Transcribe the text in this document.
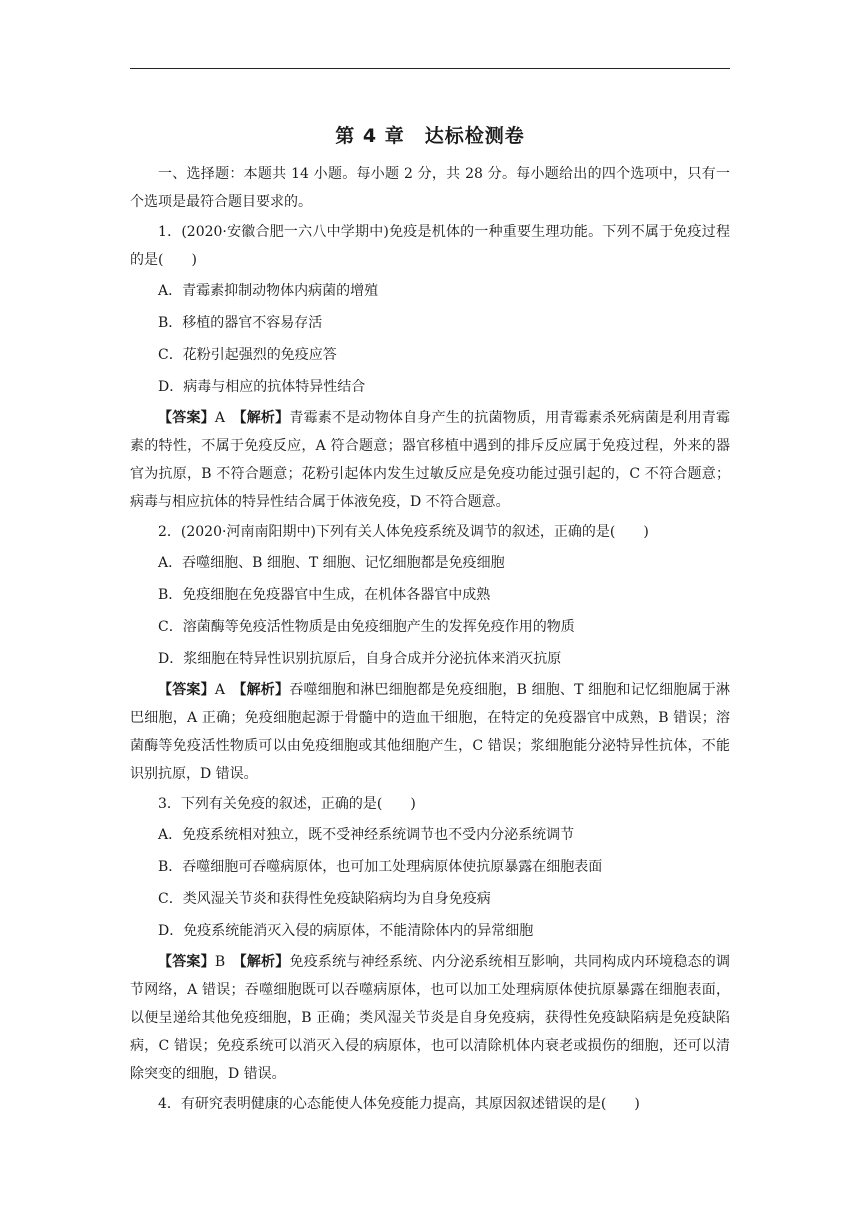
第 4 章　达标检测卷

一、选择题：本题共 14 小题。每小题 2 分，共 28 分。每小题给出的四个选项中，只有一个选项是最符合题目要求的。

1．(2020·安徽合肥一六八中学期中)免疫是机体的一种重要生理功能。下列不属于免疫过程的是(　　)

A．青霉素抑制动物体内病菌的增殖

B．移植的器官不容易存活

C．花粉引起强烈的免疫应答

D．病毒与相应的抗体特异性结合

【答案】A　 【解析】青霉素不是动物体自身产生的抗菌物质，用青霉素杀死病菌是利用青霉素的特性，不属于免疫反应，A 符合题意；器官移植中遇到的排斥反应属于免疫过程，外来的器官为抗原，B 不符合题意；花粉引起体内发生过敏反应是免疫功能过强引起的，C 不符合题意；病毒与相应抗体的特异性结合属于体液免疫，D 不符合题意。

2．(2020·河南南阳期中)下列有关人体免疫系统及调节的叙述，正确的是(　　)

A．吞噬细胞、B 细胞、T 细胞、记忆细胞都是免疫细胞

B．免疫细胞在免疫器官中生成，在机体各器官中成熟

C．溶菌酶等免疫活性物质是由免疫细胞产生的发挥免疫作用的物质

D．浆细胞在特异性识别抗原后，自身合成并分泌抗体来消灭抗原

【答案】A　 【解析】吞噬细胞和淋巴细胞都是免疫细胞，B 细胞、T 细胞和记忆细胞属于淋巴细胞，A 正确；免疫细胞起源于骨髓中的造血干细胞，在特定的免疫器官中成熟，B 错误；溶菌酶等免疫活性物质可以由免疫细胞或其他细胞产生，C 错误；浆细胞能分泌特异性抗体，不能识别抗原，D 错误。

3．下列有关免疫的叙述，正确的是(　　)

A．免疫系统相对独立，既不受神经系统调节也不受内分泌系统调节

B．吞噬细胞可吞噬病原体，也可加工处理病原体使抗原暴露在细胞表面

C．类风湿关节炎和获得性免疫缺陷病均为自身免疫病

D．免疫系统能消灭入侵的病原体，不能清除体内的异常细胞

【答案】B　 【解析】免疫系统与神经系统、内分泌系统相互影响，共同构成内环境稳态的调节网络，A 错误；吞噬细胞既可以吞噬病原体，也可以加工处理病原体使抗原暴露在细胞表面，以便呈递给其他免疫细胞，B 正确；类风湿关节炎是自身免疫病，获得性免疫缺陷病是免疫缺陷病，C 错误；免疫系统可以消灭入侵的病原体，也可以清除机体内衰老或损伤的细胞，还可以清除突变的细胞，D 错误。

4．有研究表明健康的心态能使人体免疫能力提高，其原因叙述错误的是(　　)
